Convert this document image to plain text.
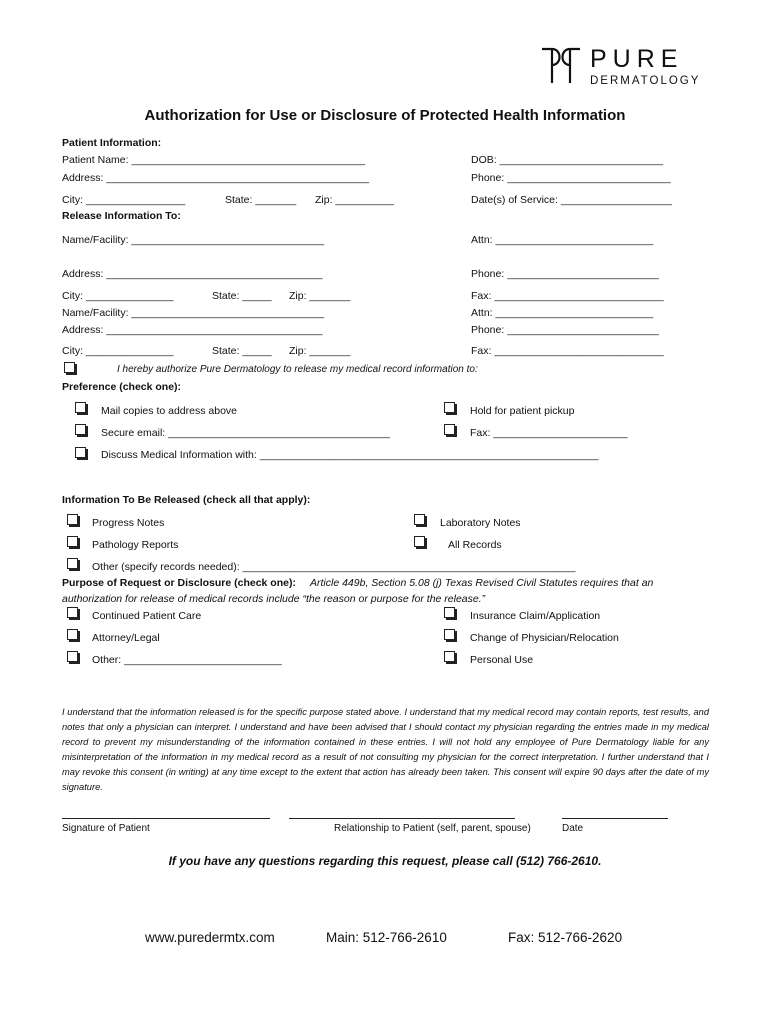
PURE

DERMATOLOGY

Authorization for Use or Disclosure of Protected Health Information
Patient Information:
Patient Name: ________________________________________	DOB: ____________________________
Address: _____________________________________________	Phone: ____________________________
City: _________________	State: _______ Zip: __________	Date(s) of Service: ___________________
Release Information To:
Name/Facility: _________________________________	Attn: ___________________________
Address: _____________________________________	Phone: __________________________
City: _______________	State: _____ Zip: _______	Fax: _____________________________
Name/Facility: _________________________________	Attn: ___________________________
Address: _____________________________________	Phone: __________________________
City: _______________	State: _____ Zip: _______	Fax: _____________________________
I hereby authorize Pure Dermatology to release my medical record information to:
Preference (check one):
Mail copies to address above	Hold for patient pickup
Secure email: ______________________________________	Fax: _______________________
Discuss Medical Information with: __________________________________________________________
Information To Be Released (check all that apply):
Progress Notes	Laboratory Notes
Pathology Reports	All Records
Other (specify records needed): _________________________________________________________
Purpose of Request or Disclosure (check one): Article 449b, Section 5.08 (j) Texas Revised Civil Statutes requires that an
authorization for release of medical records include “the reason or purpose for the release.”
Continued Patient Care	Insurance Claim/Application
Attorney/Legal	Change of Physician/Relocation
Other: ___________________________	Personal Use
I understand that the information released is for the specific purpose stated above. I understand that my medical record may contain reports, test results, and notes that only a physician can interpret. I understand and have been advised that I should contact my physician regarding the entries made in my medical record to prevent my misunderstanding of the information contained in these entries. I will not hold any employee of Pure Dermatology liable for any misinterpretation of the information in my medical record as a result of not consulting my physician for the correct interpretation. I further understand that I may revoke this consent (in writing) at any time except to the extent that action has already been taken. This consent will expire 90 days after the date of my signature.
Signature of Patient	Relationship to Patient (self, parent, spouse)	Date
If you have any questions regarding this request, please call (512) 766-2610.
www.puredermtx.com	Main: 512-766-2610	Fax: 512-766-2620
